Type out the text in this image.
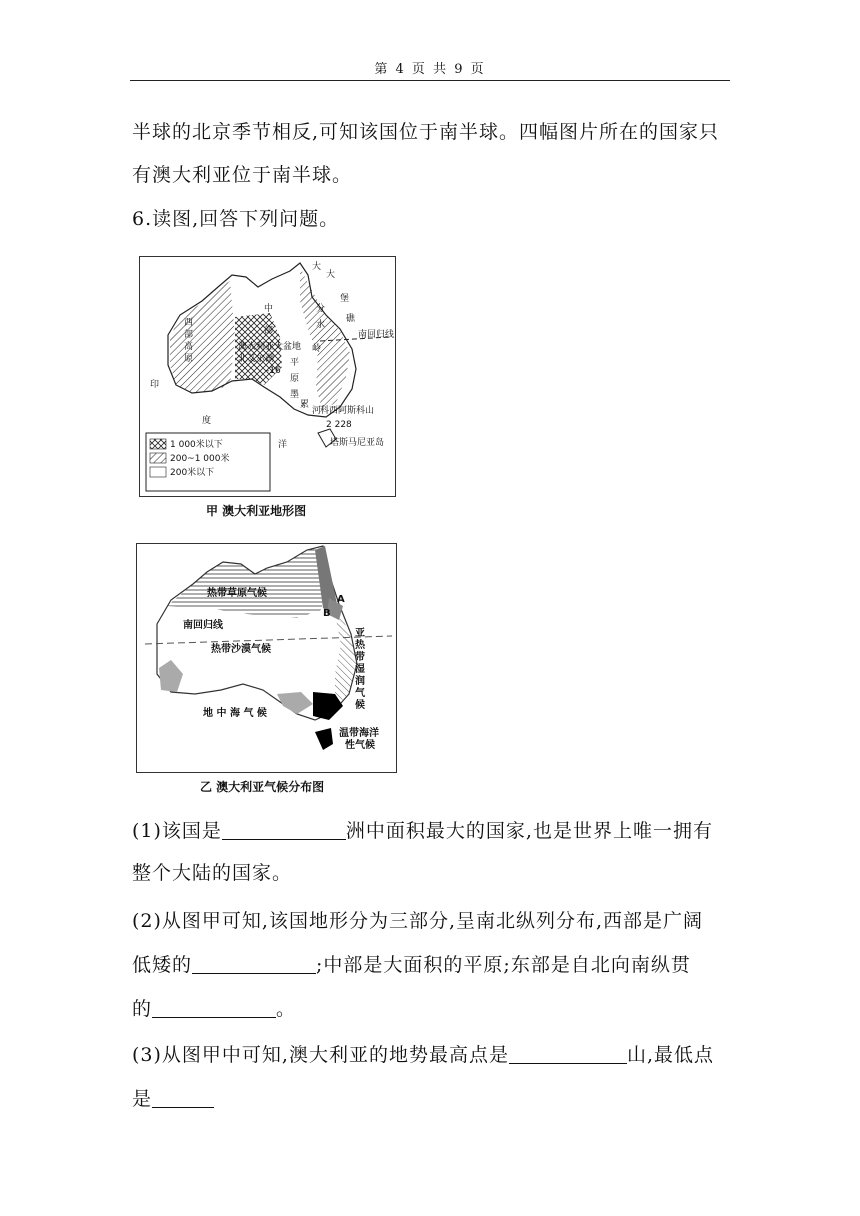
第 4 页 共 9 页
半球的北京季节相反,可知该国位于南半球。四幅图片所在的国家只
有澳大利亚位于南半球。
6.读图,回答下列问题。
西
部
高
原
中
部
平
原
澳大利亚大盆地
北艾尔湖
-16
大
分
水
岭
大
堡
礁
南回归线
墨
累
河
科西阿斯科山
2 228
塔斯马尼亚岛
印
度
洋
1 000米以下
200~1 000米
200米以下
甲 澳大利亚地形图
热带草原气候
南回归线
热带沙漠气候
地 中 海 气 候
B
A
亚
热
带
湿
润
气
候
温带海洋
性气候
乙 澳大利亚气候分布图
(1)该国是	洲中面积最大的国家,也是世界上唯一拥有
整个大陆的国家。
(2)从图甲可知,该国地形分为三部分,呈南北纵列分布,西部是广阔
低矮的	;中部是大面积的平原;东部是自北向南纵贯
的	。
(3)从图甲中可知,澳大利亚的地势最高点是	山,最低点
是
